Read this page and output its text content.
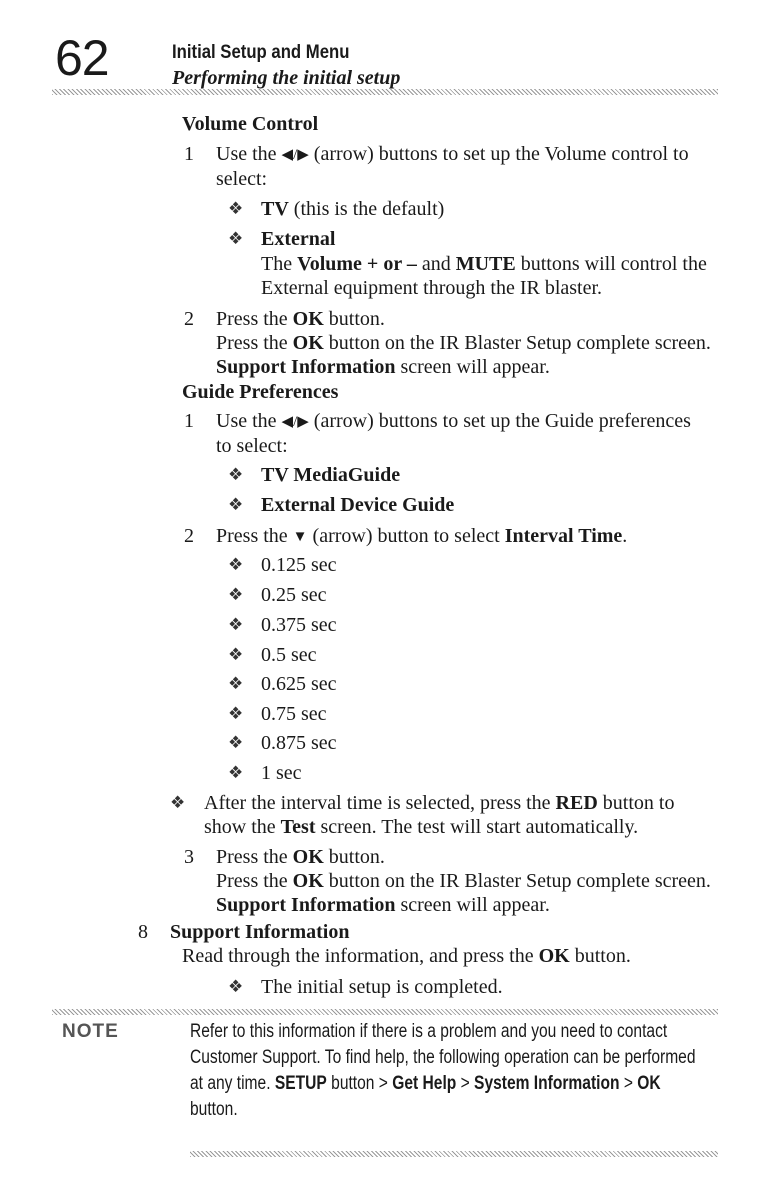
62	Initial Setup and Menu
Performing the initial setup
Volume Control
1 Use the ◀/▶ (arrow) buttons to set up the Volume control to
select:
❖ TV (this is the default)
❖ External
The Volume + or – and MUTE buttons will control the
External equipment through the IR blaster.
2 Press the OK button.
Press the OK button on the IR Blaster Setup complete screen.
Support Information screen will appear.
Guide Preferences
1 Use the ◀/▶ (arrow) buttons to set up the Guide preferences
to select:
❖ TV MediaGuide
❖ External Device Guide
2 Press the ▼ (arrow) button to select Interval Time.
❖ 0.125 sec
❖ 0.25 sec
❖ 0.375 sec
❖ 0.5 sec
❖ 0.625 sec
❖ 0.75 sec
❖ 0.875 sec
❖ 1 sec
❖ After the interval time is selected, press the RED button to
show the Test screen. The test will start automatically.
3 Press the OK button.
Press the OK button on the IR Blaster Setup complete screen.
Support Information screen will appear.
8 Support Information
Read through the information, and press the OK button.
❖ The initial setup is completed.
NOTE	Refer to this information if there is a problem and you need to contact
Customer Support. To find help, the following operation can be performed
at any time. SETUP button > Get Help > System Information > OK
button.
